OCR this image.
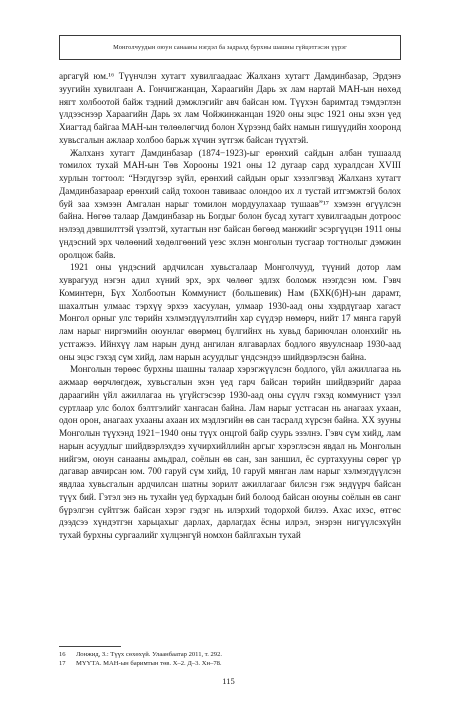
Монголчуудын оюун санааны нэгдэл ба задралд бурхны шашны гүйцэтгэсэн үүрэг

аргагүй юм.¹⁶ Түүнчлэн хутагт хувилгаадаас Жалханз хутагт Дамдинбазар, Эрдэнэ зуугийн хувилгаан А. Гончигжанцан, Хараагийн Дарь эх лам нартай МАН-ын нөхөд нягт холбоотой байж тэдний дэмжлэгийг авч байсан юм. Түүхэн баримтад тэмдэглэн үлдээснээр Хараагийн Дарь эх лам Чойжинжанцан 1920 оны эцэс 1921 оны эхэн үед Хиагтад байгаа МАН-ын төлөөлөгчид болон Хүрээнд байх намын гишүүдийн хооронд хувьсгалын ажлаар холбоо барьж хүчин зүтгэж байсан түүхтэй.

Жалханз хутагт Дамдинбазар (1874−1923)-ыг ерөнхий сайдын албан тушаалд томилох тухай МАН-ын Төв Хорооны 1921 оны 12 дугаар сард хуралдсан XVIII хурлын тогтоол: “Нэгдүгээр зүйл, ерөнхий сайдын орыг хэзэлгэвэд Жалханз хутагт Дамдинбазараар ерөнхий сайд тохоон тавиваас олондоо их л тустай итгэмжтэй болох буй заа хэмээн Амгалан нарыг томилон мордуулахаар тушаав”¹⁷ хэмээн өгүүлсэн байна. Нөгөө талаар Дамдинбазар нь Богдыг болон бусад хутагт хувилгаадын дотроос нэлээд дэвшилттэй үзэлтэй, хутагтын нэг байсан бөгөөд манжийг эсэргүүцэн 1911 оны үндэсний эрх чөлөөний хөдөлгөөний үеэс эхлэн монголын тусгаар тогтнолыг дэмжин оролцож байв.

1921 оны үндэсний ардчилсан хувьсгалаар Монголчууд, түүний дотор лам хуврагууд нэгэн адил хүний эрх, эрх чөлөөг эдлэх боломж нээгдсэн юм. Гэвч Коминтерн, Бүх Холбоотын Коммунист (большевик) Нам (БХК(б)Н)-ын дарамт, шахалтын улмаас тэрхүү эрхээ хасуулан, улмаар 1930-аад оны хэдрдүгаар хагаст Монгол орныг улс төрийн хэлмэгдүүлэлтийн хар сүүдэр нөмөрч, нийт 17 мянга гаруй лам нарыг ниргэмийн оюунлаг өвөрмөц бүлгийнх нь хувьд бариючлан олонхийг нь устгажээ. Ийнхүү лам нарын дунд ангилан ялгаварлах бодлого явуулснаар 1930-аад оны эцэс гэхэд сүм хийд, лам нарын асуудлыг үндсэндээ шийдвэрлэсэн байна.

Монголын төрөөс бурхны шашны талаар хэрэгжүүлсэн бодлого, үйл ажиллагаа нь ажмаар өөрчлөгдөж, хувьсгалын эхэн үед гарч байсан төрийн шийдвэрийг дараа дараагийн үйл ажиллагаа нь үгүйсгэсээр 1930-аад оны сүүлч гэхэд коммунист үзэл суртлаар улс болох бэлтгэлийг хангасан байна. Лам нарыг устгасан нь анагаах ухаан, одон орон, анагаах ухааны ахаан их мэдлэгийн өв сан тасралд хүрсэн байна. XX зууны Монголын түүхэнд 1921−1940 оны түүх онцгой байр суурь эзэлнэ. Гэвч сүм хийд, лам нарын асуудлыг шийдвэрлэхдээ хүчирхийллийн аргыг хэрэглэсэн явдал нь Монголын нийгэм, оюун санааны амьдрал, соёлын өв сан, зан заншил, ёс суртахууны сөрөг үр дагавар авчирсан юм. 700 гаруй сүм хийд, 10 гаруй мянган лам нарыг хэлмэгдүүлсэн явдлаа хувьсгалын ардчилсан шатны зорилт ажиллагааг билсэн гэж эндүүрч байсан түүх бий. Гэтэл энэ нь тухайн үед бурхадын бий болоод байсан оюуны соёлын өв санг бүрэлгэн сүйтгэж байсан хэрэг гэдэг нь илэрхий тодорхой билээ. Ахас ихэс, өтгөс дээдсээ хүндэтгэн харьцахыг дарлах, дарлагдах ёсны илрэл, энэрэн нигүүлсэхүйн тухай бурхны сургаалийг хүлцэнгүй номхон байлгахын тухай

16	Лонжид, З.: Түүх сөхөхүй. Улаанбаатар 2011, т. 292.
17	МҮҮТА. МАН-ын баримтын төв. Х–2. Д–3. Хн–78.
115
